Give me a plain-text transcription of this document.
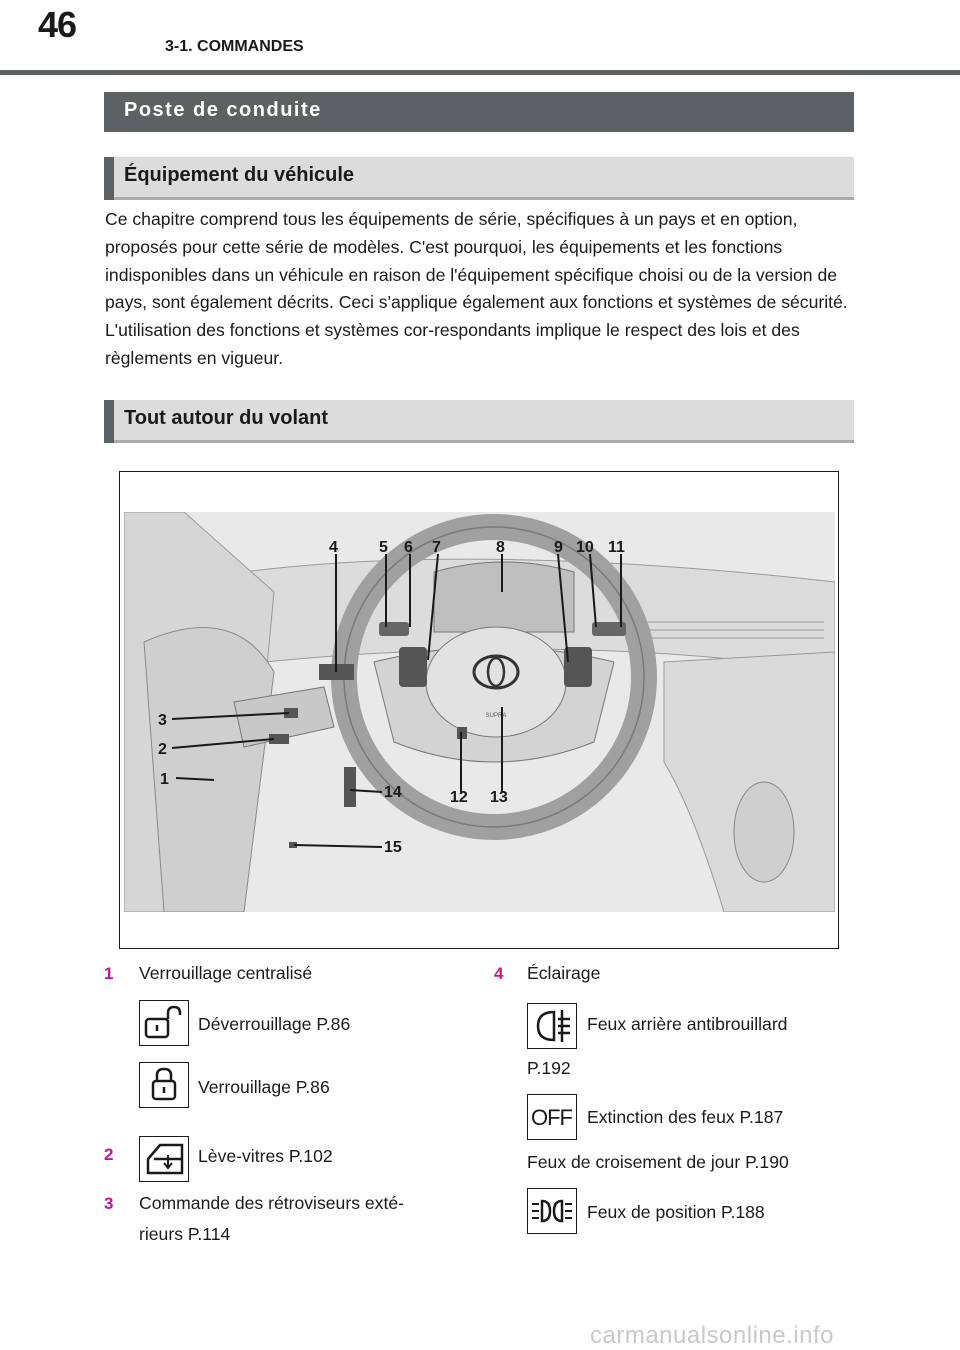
46
3-1. COMMANDES
Poste de conduite
Équipement du véhicule

Ce chapitre comprend tous les équipements de série, spécifiques à un pays et en option, proposés pour cette série de modèles. C'est pourquoi, les équipements et les fonctions indisponibles dans un véhicule en raison de l'équipement spécifique choisi ou de la version de pays, sont également décrits. Ceci s'applique également aux fonctions et systèmes de sécurité. L'utilisation des fonctions et systèmes cor-respondants implique le respect des lois et des règlements en vigueur.

Tout autour du volant
SUPRA
4	5 6 7	8	9 10 11
3
2
1
14	12 13
15
1 Verrouillage centralisé
Déverrouillage P.86
Verrouillage P.86
2	Lève-vitres P.102
3 Commande des rétroviseurs exté-
rieurs P.114
4 Éclairage
Feux arrière antibrouillard
P.192
OFF Extinction des feux P.187
Feux de croisement de jour P.190
Feux de position P.188
carmanualsonline.info
